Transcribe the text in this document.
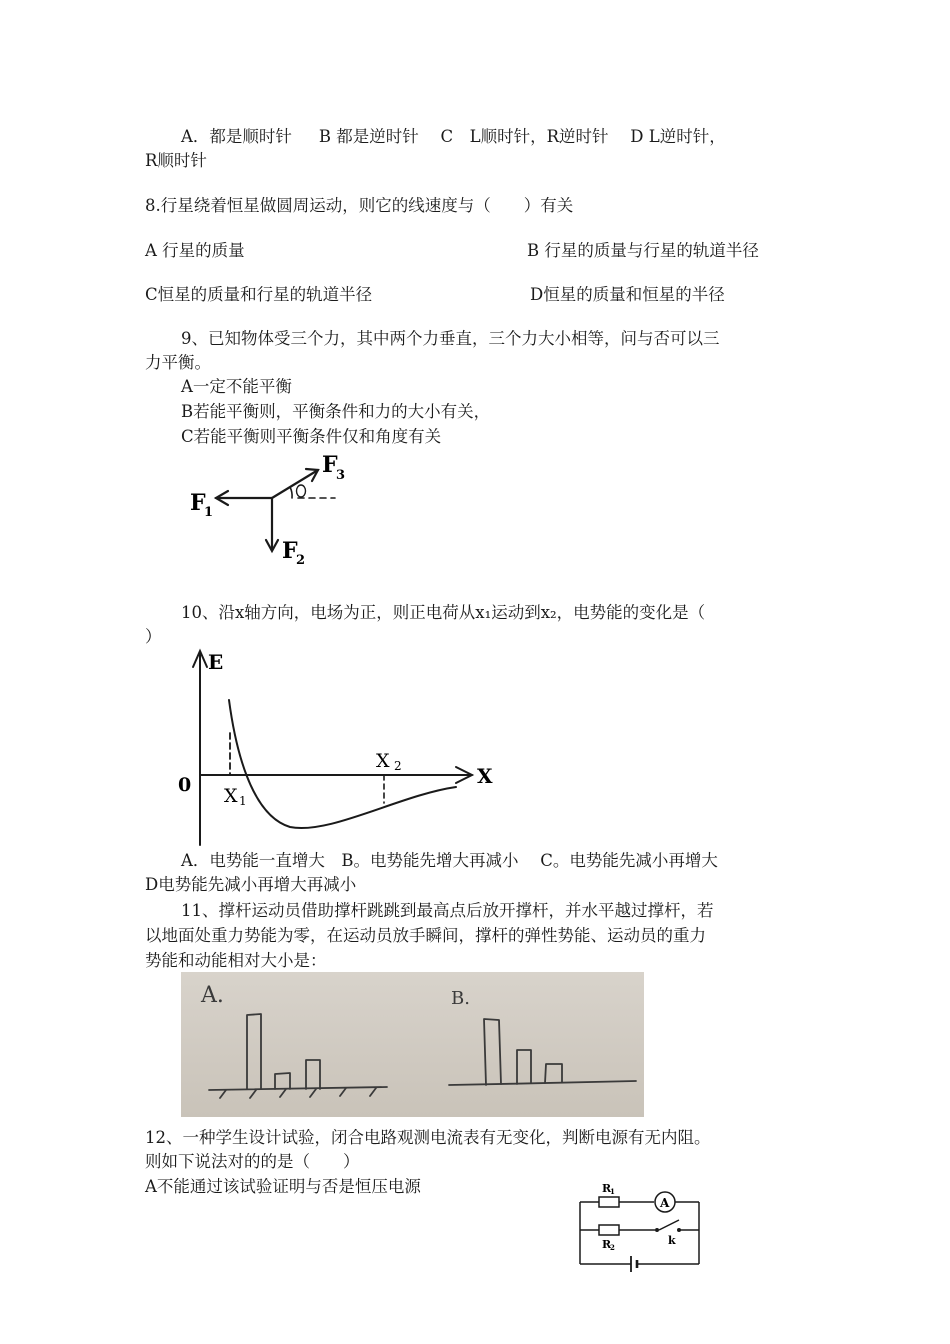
A．都是顺时针 　 B 都是逆时针 　C　L顺时针，R逆时针　 D L逆时针，
R顺时针
8.行星绕着恒星做圆周运动，则它的线速度与（　　）有关
A 行星的质量	B 行星的质量与行星的轨道半径
C恒星的质量和行星的轨道半径	D恒星的质量和恒星的半径
9、已知物体受三个力，其中两个力垂直，三个力大小相等，问与否可以三
力平衡。
A一定不能平衡
B若能平衡则，平衡条件和力的大小有关，
C若能平衡则平衡条件仅和角度有关
F
1
F
2
F
3
10、沿x轴方向，电场为正，则正电荷从x₁运动到x₂，电势能的变化是（
）
E
X
0 X 1
X 2
A．电势能一直增大　B。电势能先增大再减小　 C。电势能先减小再增大
D电势能先减小再增大再减小
11、撑杆运动员借助撑杆跳跳到最高点后放开撑杆，并水平越过撑杆，若
以地面处重力势能为零，在运动员放手瞬间，撑杆的弹性势能、运动员的重力
势能和动能相对大小是：
A.	B.
12、一种学生设计试验，闭合电路观测电流表有无变化，判断电源有无内阻。
则如下说法对的的是（　　）
A不能通过该试验证明与否是恒压电源	R
1
R
2
A
k
